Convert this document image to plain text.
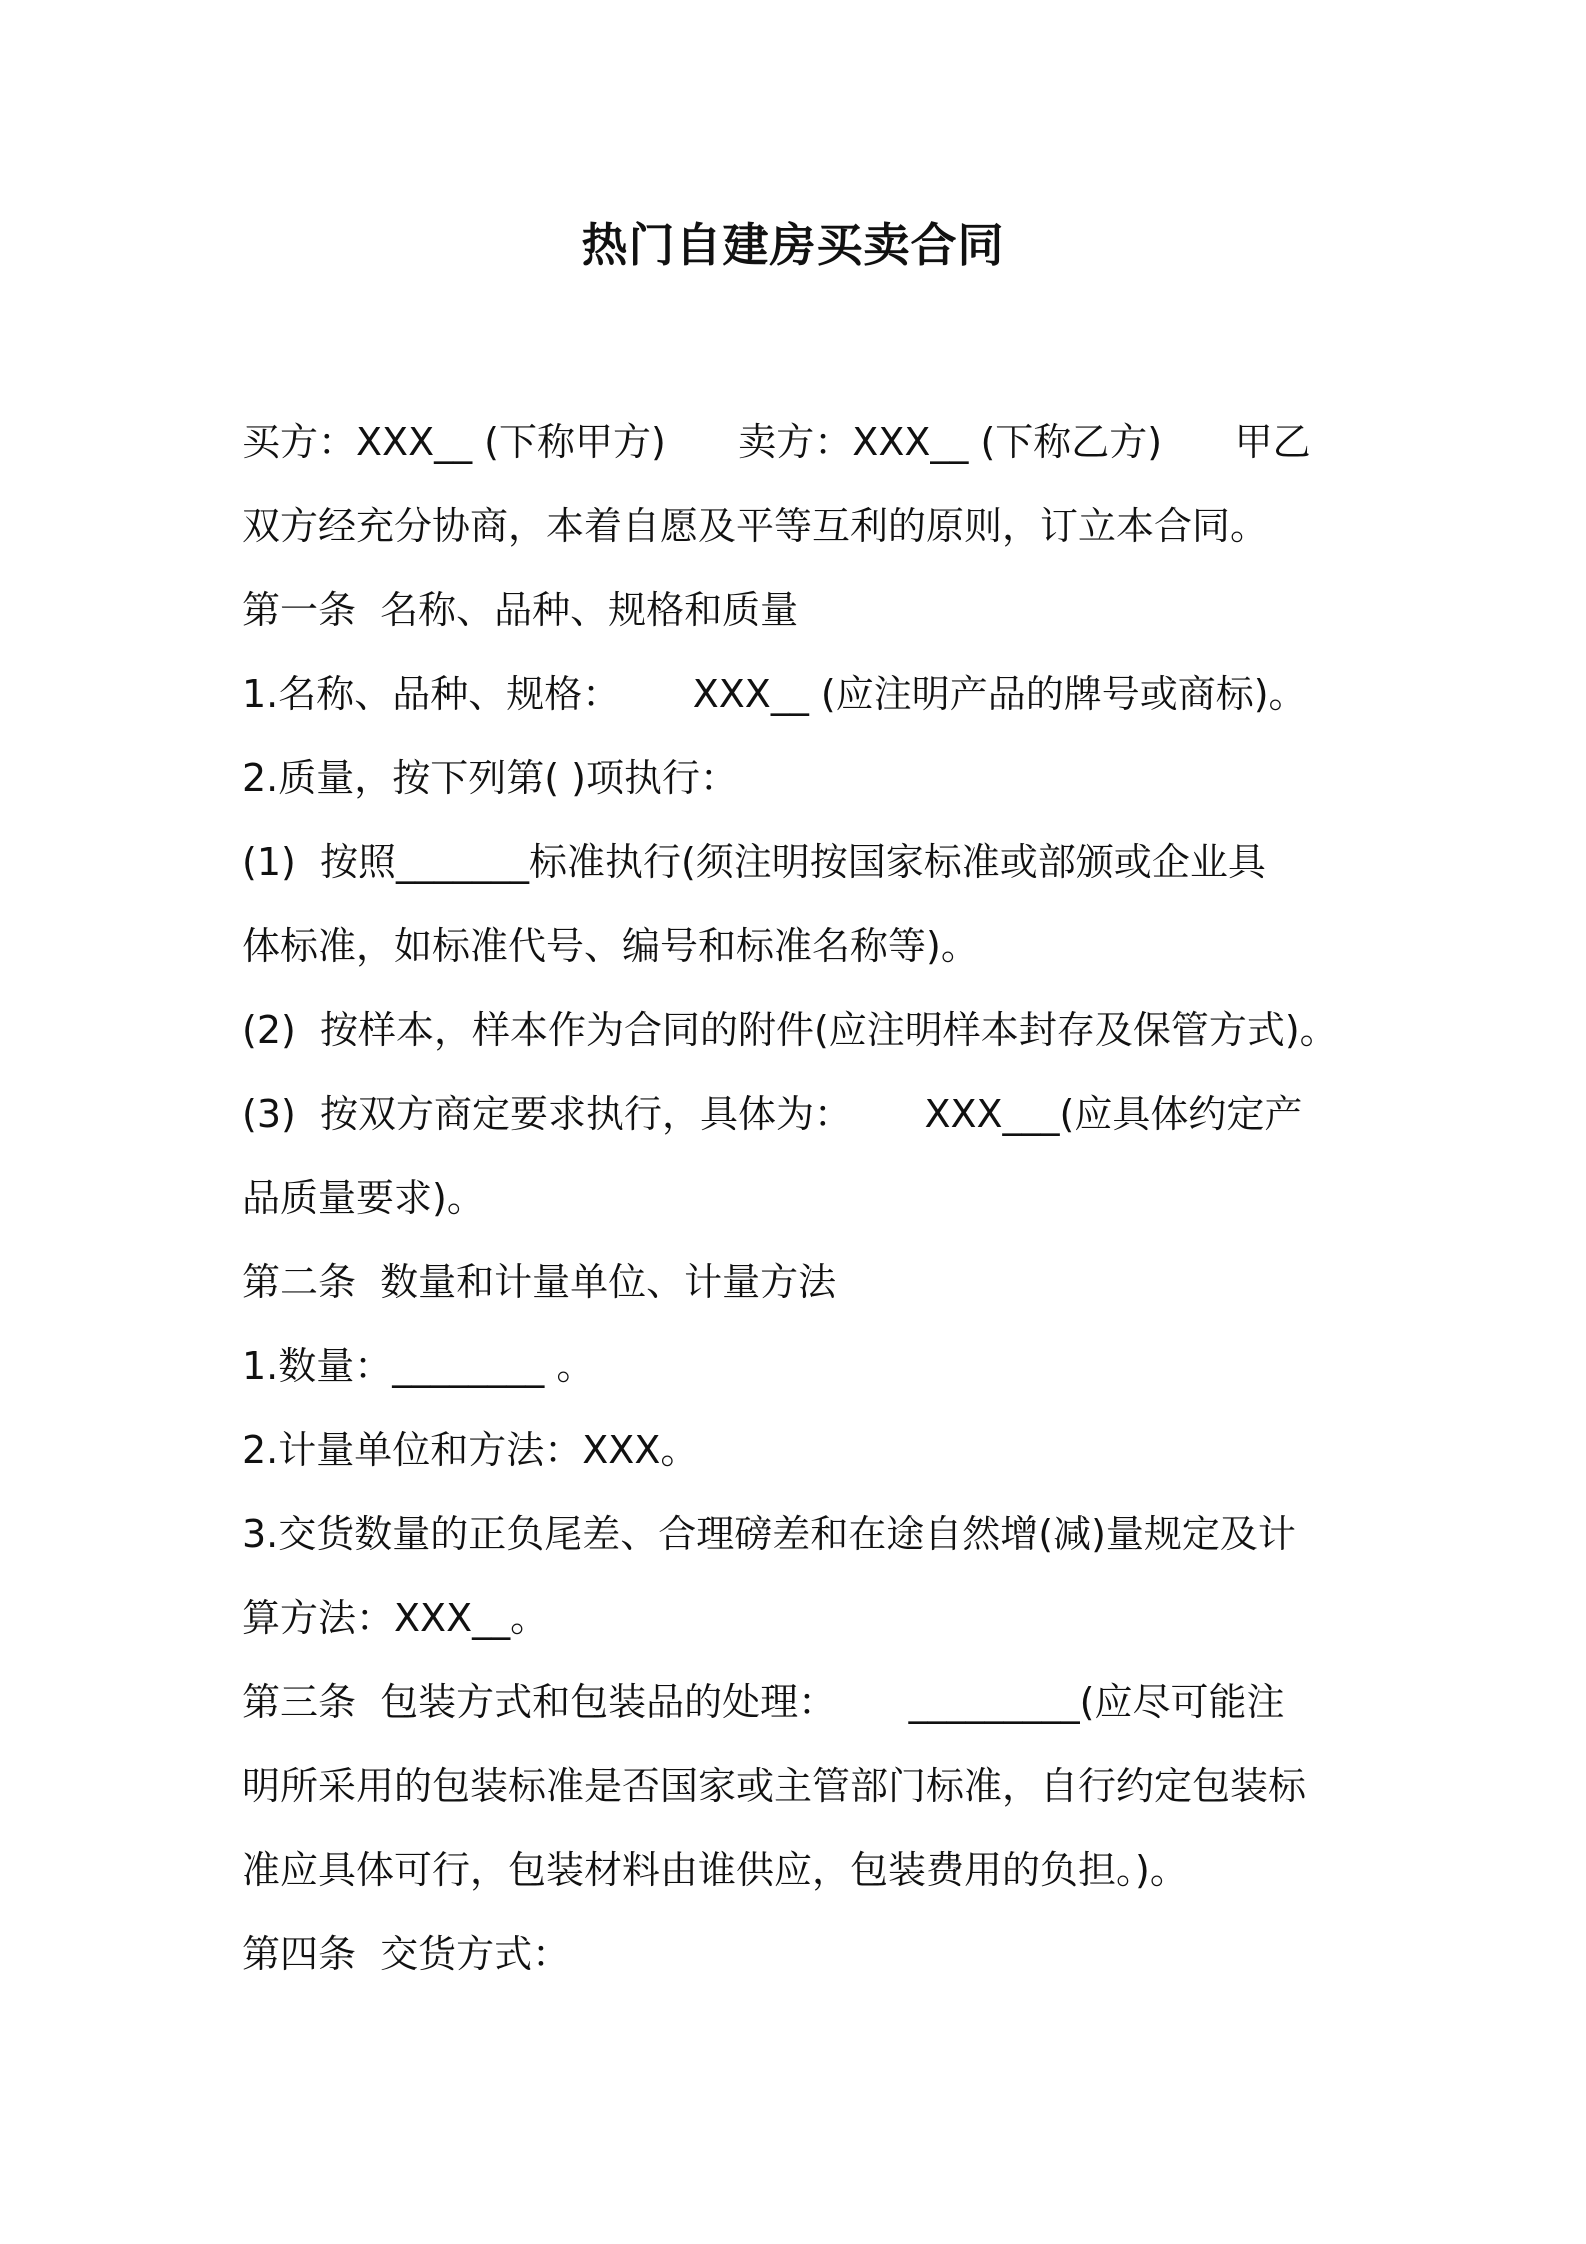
热门自建房买卖合同
买方：XXX__ (下称甲方)      卖方：XXX__ (下称乙方)      甲乙
双方经充分协商，本着自愿及平等互利的原则，订立本合同。
第一条  名称、品种、规格和质量
1.名称、品种、规格：      XXX__ (应注明产品的牌号或商标)。
2.质量，按下列第( )项执行：
(1)  按照_______标准执行(须注明按国家标准或部颁或企业具
体标准，如标准代号、编号和标准名称等)。
(2)  按样本，样本作为合同的附件(应注明样本封存及保管方式)。
(3)  按双方商定要求执行，具体为：      XXX___(应具体约定产
品质量要求)。
第二条  数量和计量单位、计量方法
1.数量：________ 。
2.计量单位和方法：XXX。
3.交货数量的正负尾差、合理磅差和在途自然增(减)量规定及计
算方法：XXX__。
第三条  包装方式和包装品的处理：      _________(应尽可能注
明所采用的包装标准是否国家或主管部门标准，自行约定包装标
准应具体可行，包装材料由谁供应，包装费用的负担。)。
第四条  交货方式：
